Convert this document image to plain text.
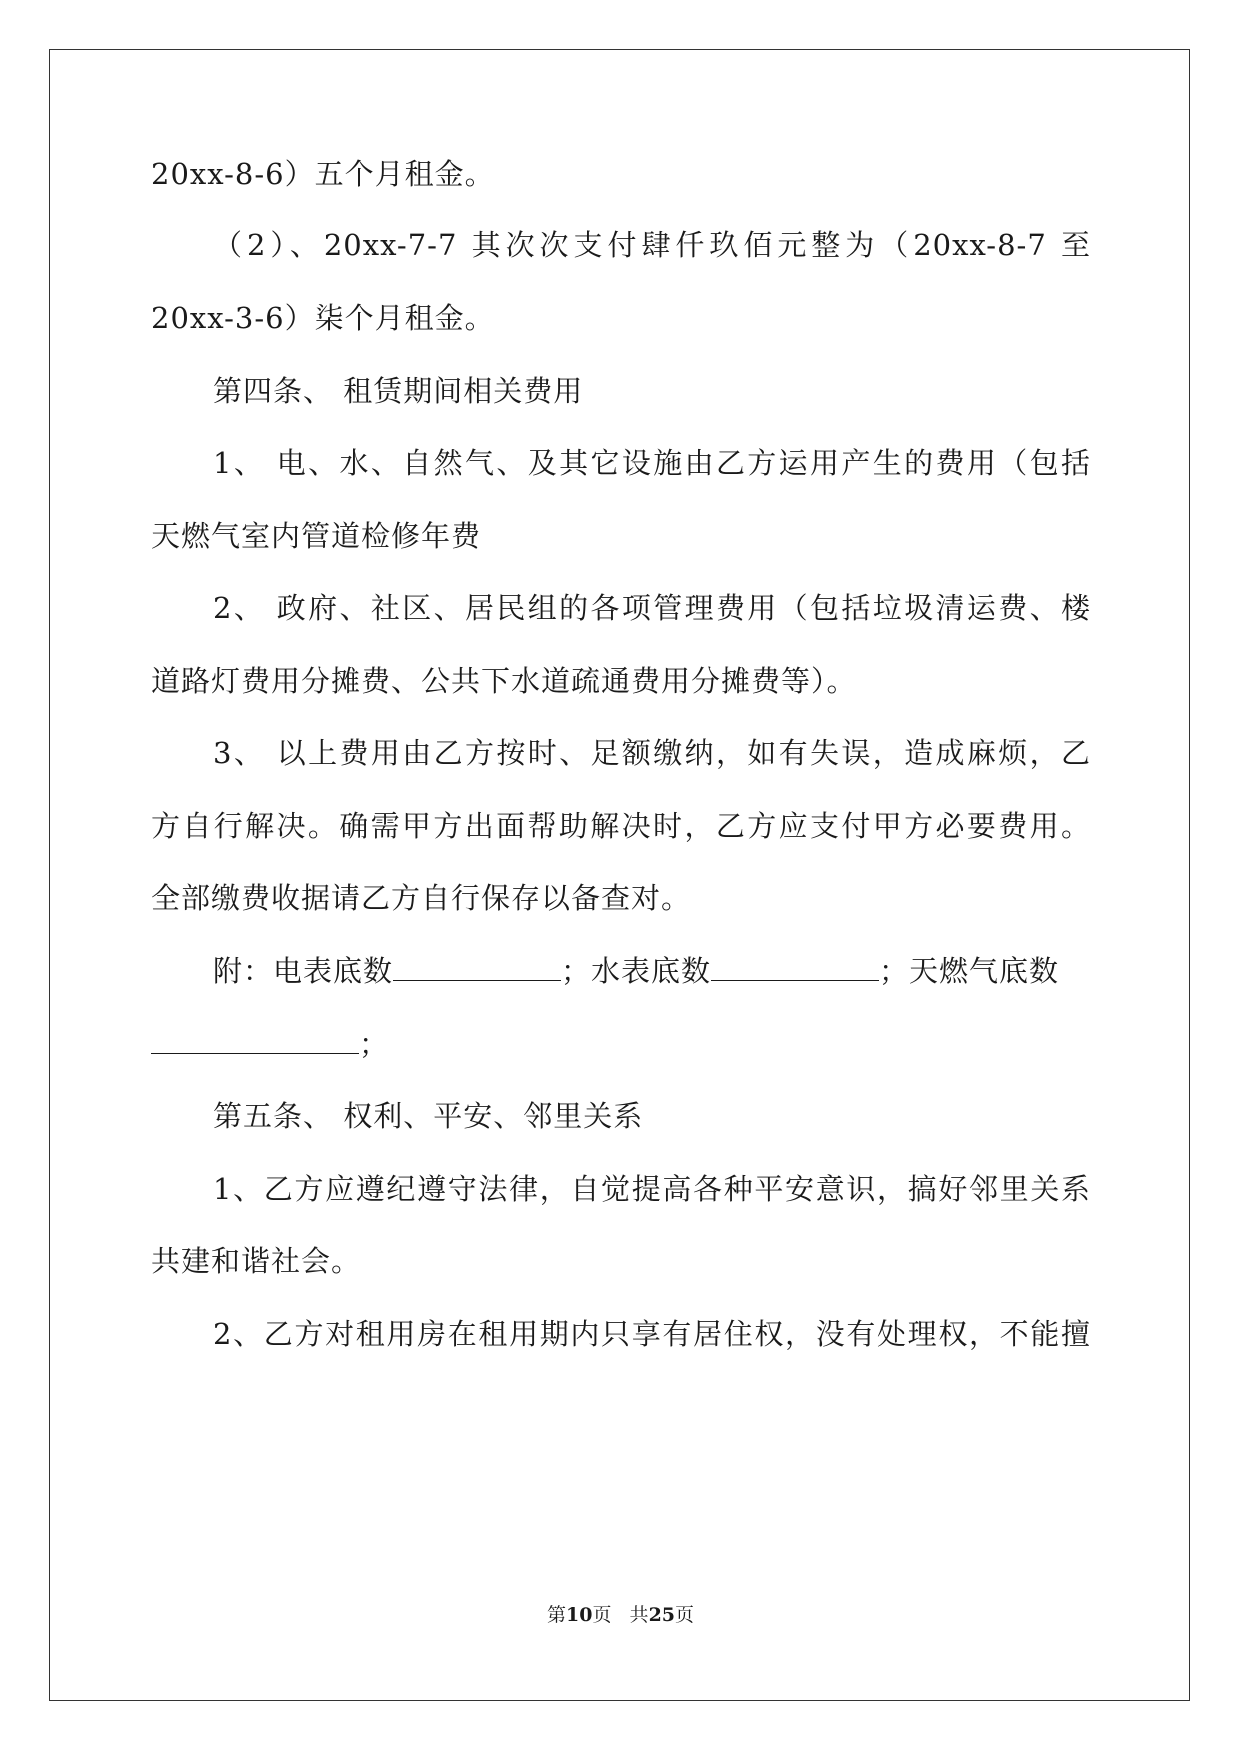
20xx-8-6）五个月租金。
（2）、20xx-7-7 其次次支付肆仟玖佰元整为（20xx-8-7 至
20xx-3-6）柒个月租金。
第四条、 租赁期间相关费用
1、 电、水、自然气、及其它设施由乙方运用产生的费用（包括
天燃气室内管道检修年费
2、 政府、社区、居民组的各项管理费用（包括垃圾清运费、楼
道路灯费用分摊费、公共下水道疏通费用分摊费等）。
3、 以上费用由乙方按时、足额缴纳，如有失误，造成麻烦，乙
方自行解决。确需甲方出面帮助解决时，乙方应支付甲方必要费用。
全部缴费收据请乙方自行保存以备查对。
附：电表底数	；水表底数	；天燃气底数
；
第五条、 权利、平安、邻里关系
1、乙方应遵纪遵守法律，自觉提高各种平安意识，搞好邻里关系
共建和谐社会。
2、乙方对租用房在租用期内只享有居住权，没有处理权，不能擅
第10页   共25页
